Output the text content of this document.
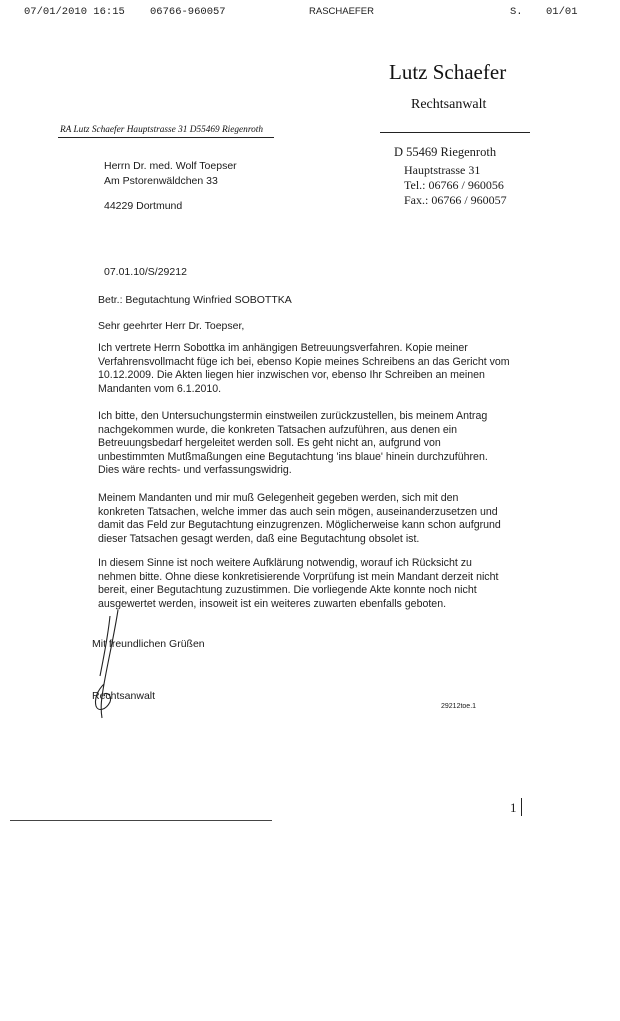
07/01/2010 16:15 06766-960057	RASCHAEFER	S. 01/01
Lutz Schaefer
Rechtsanwalt
RA Lutz Schaefer Hauptstrasse 31 D55469 Riegenroth
D 55469 Riegenroth
Hauptstrasse 31
Tel.: 06766 / 960056
Fax.: 06766 / 960057
Herrn Dr. med. Wolf Toepser
Am Pstorenwäldchen 33
44229 Dortmund
07.01.10/S/29212
Betr.: Begutachtung Winfried SOBOTTKA
Sehr geehrter Herr Dr. Toepser,
Ich vertrete Herrn Sobottka im anhängigen Betreuungsverfahren. Kopie meiner
Verfahrensvollmacht füge ich bei, ebenso Kopie meines Schreibens an das Gericht vom
10.12.2009. Die Akten liegen hier inzwischen vor, ebenso Ihr Schreiben an meinen
Mandanten vom 6.1.2010.
Ich bitte, den Untersuchungstermin einstweilen zurückzustellen, bis meinem Antrag
nachgekommen wurde, die konkreten Tatsachen aufzuführen, aus denen ein
Betreuungsbedarf hergeleitet werden soll. Es geht nicht an, aufgrund von
unbestimmten Mutßmaßungen eine Begutachtung 'ins blaue' hinein durchzuführen.
Dies wäre rechts- und verfassungswidrig.
Meinem Mandanten und mir muß Gelegenheit gegeben werden, sich mit den
konkreten Tatsachen, welche immer das auch sein mögen, auseinanderzusetzen und
damit das Feld zur Begutachtung einzugrenzen. Möglicherweise kann schon aufgrund
dieser Tatsachen gesagt werden, daß eine Begutachtung obsolet ist.
In diesem Sinne ist noch weitere Aufklärung notwendig, worauf ich Rücksicht zu
nehmen bitte. Ohne diese konkretisierende Vorprüfung ist mein Mandant derzeit nicht
bereit, einer Begutachtung zuzustimmen. Die vorliegende Akte konnte noch nicht
ausgewertet werden, insoweit ist ein weiteres zuwarten ebenfalls geboten.
Mit freundlichen Grüßen
Rechtsanwalt
29212toe.1
1
